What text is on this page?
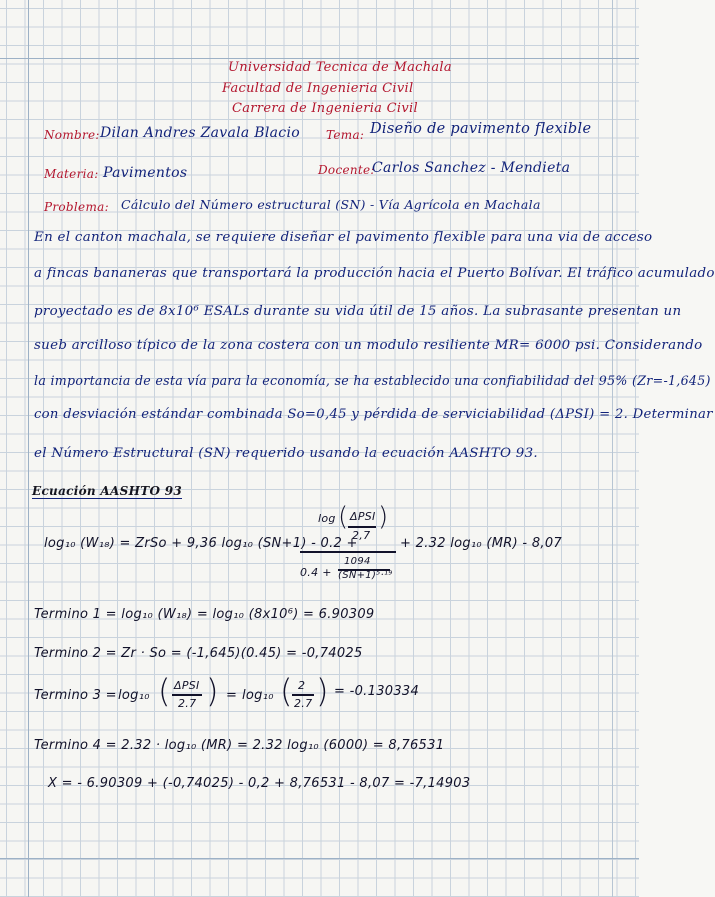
Universidad Tecnica de Machala
Facultad de Ingenieria Civil
Carrera de Ingenieria Civil
Nombre: Dilan Andres Zavala Blacio Tema: Diseño de pavimento flexible
Materia: Pavimentos	Docente:
Carlos Sanchez - Mendieta
Problema: Cálculo del Número estructural (SN) - Vía Agrícola en Machala
En el canton machala, se requiere diseñar el pavimento flexible para una via de acceso
a fincas bananeras que transportará la producción hacia el Puerto Bolívar. El tráfico acumulado
proyectado es de 8x10⁶ ESALs durante su vida útil de 15 años. La subrasante presentan un
sueb arcilloso típico de la zona costera con un modulo resiliente MR= 6000 psi. Considerando
la importancia de esta vía para la economía, se ha establecido una confiabilidad del 95% (Zr=-1,645)
con desviación estándar combinada So=0,45 y pérdida de serviciabilidad (ΔPSI) = 2. Determinar
el Número Estructural (SN) requerido usando la ecuación AASHTO 93.
Ecuación AASHTO 93
log₁₀ (W₁₈) = ZrSo + 9,36 log₁₀ (SN+1) - 0.2 +
log ( ΔPSI
2,7
)
0.4 +
1094
(SN+1)⁵·¹⁹
+ 2.32 log₁₀ (MR) - 8,07
Termino 1 = log₁₀ (W₁₈) = log₁₀ (8x10⁶) = 6.90309
Termino 2 = Zr · So = (-1,645)(0.45) = -0,74025
Termino 3 = log₁₀ ( ΔPSI
2.7 ) = log₁₀ ( 2
2.7 ) = -0.130334
Termino 4 = 2.32 · log₁₀ (MR) = 2.32 log₁₀ (6000) = 8,76531
X = - 6.90309 + (-0,74025) - 0,2 + 8,76531 - 8,07 = -7,14903
